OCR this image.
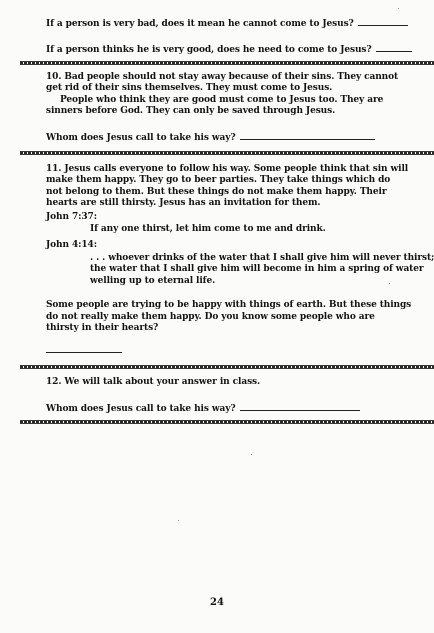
If a person is very bad, does it mean he cannot come to Jesus?
If a person thinks he is very good, does he need to come to Jesus?
10. Bad people should not stay away because of their sins. They cannot
get rid of their sins themselves. They must come to Jesus.
People who think they are good must come to Jesus too. They are
sinners before God. They can only be saved through Jesus.
Whom does Jesus call to take his way?
11. Jesus calls everyone to follow his way. Some people think that sin will
make them happy. They go to beer parties. They take things which do
not belong to them. But these things do not make them happy. Their
hearts are still thirsty. Jesus has an invitation for them.
John 7:37:
If any one thirst, let him come to me and drink.
John 4:14:
. . . whoever drinks of the water that I shall give him will never thirst;
the water that I shall give him will become in him a spring of water
welling up to eternal life.
Some people are trying to be happy with things of earth. But these things
do not really make them happy. Do you know some people who are
thirsty in their hearts?
12. We will talk about your answer in class.
Whom does Jesus call to take his way?
24
